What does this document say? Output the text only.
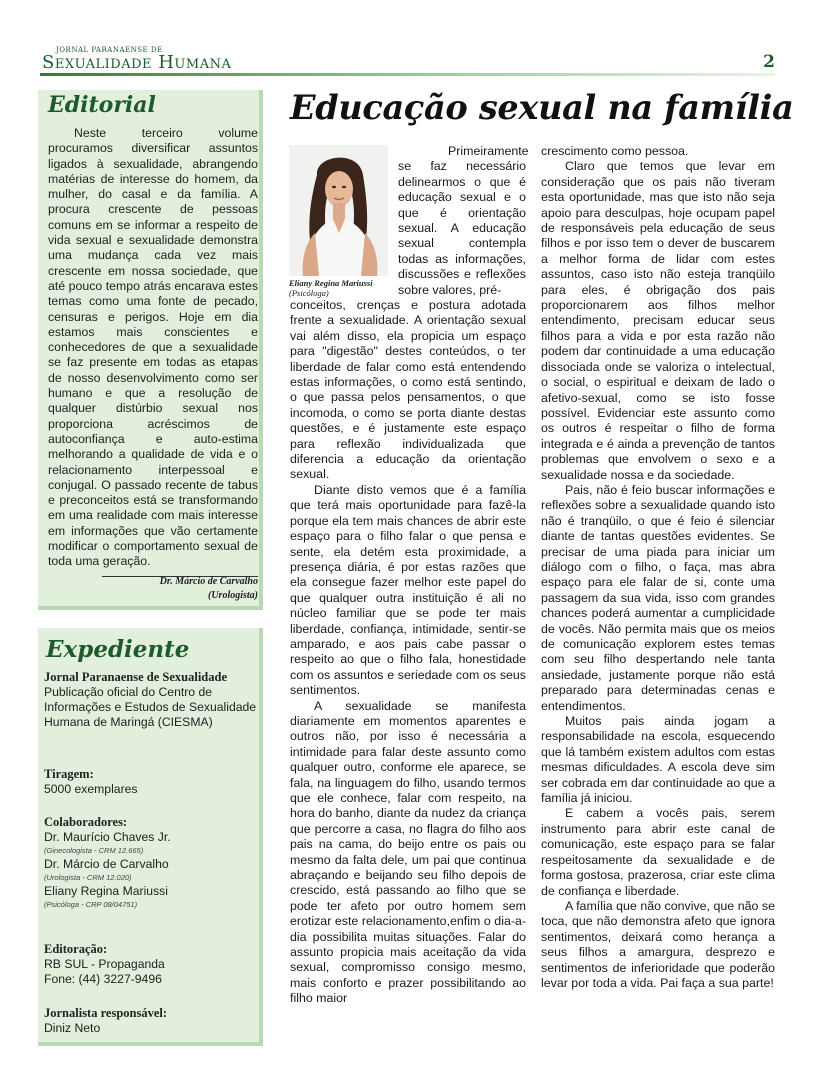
JORNAL PARANAENSE DE
Sexualidade Humana	2
Editorial
Neste terceiro volume procuramos diversificar assuntos ligados à sexualidade, abrangendo matérias de interesse do homem, da mulher, do casal e da família. A procura crescente de pessoas comuns em se informar a respeito de vida sexual e sexualidade demonstra uma mudança cada vez mais crescente em nossa sociedade, que até pouco tempo atrás encarava estes temas como uma fonte de pecado, censuras e perigos. Hoje em dia estamos mais conscientes e conhecedores de que a sexualidade se faz presente em todas as etapas de nosso desenvolvimento como ser humano e que a resolução de qualquer distúrbio sexual nos proporciona acréscimos de autoconfiança e auto-estima melhorando a qualidade de vida e o relacionamento interpessoal e conjugal. O passado recente de tabus e preconceitos está se transformando em uma realidade com mais interesse em informações que vão certamente modificar o comportamento sexual de toda uma geração.
Dr. Márcio de Carvalho
(Urologista)
Expediente
Jornal Paranaense de Sexualidade
Publicação oficial do Centro de Informações e Estudos de Sexualidade Humana de Maringá (CIESMA)
Tiragem:
5000 exemplares
Colaboradores:
Dr. Maurício Chaves Jr.
(Ginecologista - CRM 12.665)
Dr. Márcio de Carvalho
(Urologista - CRM 12.020)
Eliany Regina Mariussi
(Psicóloga - CRP 08/04751)
Editoração:
RB SUL - Propaganda
Fone: (44) 3227-9496
Jornalista responsável:
Diniz Neto
Educação sexual na família
Eliany Regina Mariussi
(Psicóloga)

Primeiramente se faz necessário delinearmos o que é educação sexual e o que é orientação sexual. A educação sexual contempla todas as informações, discussões e reflexões sobre valores, pré-

conceitos, crenças e postura adotada frente a sexualidade. A orientação sexual vai além disso, ela propicia um espaço para "digestão" destes conteúdos, o ter liberdade de falar como está entendendo estas informações, o como está sentindo, o que passa pelos pensamentos, o que incomoda, o como se porta diante destas questões, e é justamente este espaço para reflexão individualizada que diferencia a educação da orientação sexual.

Diante disto vemos que é a família que terá mais oportunidade para fazê-la porque ela tem mais chances de abrir este espaço para o filho falar o que pensa e sente, ela detém esta proximidade, a presença diária, é por estas razões que ela consegue fazer melhor este papel do que qualquer outra instituição é ali no núcleo familiar que se pode ter mais liberdade, confiança, intimidade, sentir-se amparado, e aos pais cabe passar o respeito ao que o filho fala, honestidade com os assuntos e seriedade com os seus sentimentos.

A sexualidade se manifesta diariamente em momentos aparentes e outros não, por isso é necessária a intimidade para falar deste assunto como qualquer outro, conforme ele aparece, se fala, na linguagem do filho, usando termos que ele conhece, falar com respeito, na hora do banho, diante da nudez da criança que percorre a casa, no flagra do filho aos pais na cama, do beijo entre os pais ou mesmo da falta dele, um pai que continua abraçando e beijando seu filho depois de crescido, está passando ao filho que se pode ter afeto por outro homem sem erotizar este relacionamento,enfim o dia-a-dia possibilita muitas situações. Falar do assunto propicia mais aceitação da vida sexual, compromisso consigo mesmo, mais conforto e prazer possibilitando ao filho maior

crescimento como pessoa.

Claro que temos que levar em consideração que os pais não tiveram esta oportunidade, mas que isto não seja apoio para desculpas, hoje ocupam papel de responsáveis pela educação de seus filhos e por isso tem o dever de buscarem a melhor forma de lidar com estes assuntos, caso isto não esteja tranqüilo para eles, é obrigação dos pais proporcionarem aos filhos melhor entendimento, precisam educar seus filhos para a vida e por esta razão não podem dar continuidade a uma educação dissociada onde se valoriza o intelectual, o social, o espiritual e deixam de lado o afetivo-sexual, como se isto fosse possível. Evidenciar este assunto como os outros é respeitar o filho de forma integrada e é ainda a prevenção de tantos problemas que envolvem o sexo e a sexualidade nossa e da sociedade.

Pais, não é feio buscar informações e reflexões sobre a sexualidade quando isto não é tranqüilo, o que é feio é silenciar diante de tantas questões evidentes. Se precisar de uma piada para iniciar um diálogo com o filho, o faça, mas abra espaço para ele falar de si, conte uma passagem da sua vida, isso com grandes chances poderá aumentar a cumplicidade de vocês. Não permita mais que os meios de comunicação explorem estes temas com seu filho despertando nele tanta ansiedade, justamente porque não está preparado para determinadas cenas e entendimentos.

Muitos pais ainda jogam a responsabilidade na escola, esquecendo que lá também existem adultos com estas mesmas dificuldades. A escola deve sim ser cobrada em dar continuidade ao que a família já iniciou.

E cabem a vocês pais, serem instrumento para abrir este canal de comunicação, este espaço para se falar respeitosamente da sexualidade e de forma gostosa, prazerosa, criar este clima de confiança e liberdade.

A família que não convive, que não se toca, que não demonstra afeto que ignora sentimentos, deixará como herança a seus filhos a amargura, desprezo e sentimentos de inferioridade que poderão levar por toda a vida. Pai faça a sua parte!
